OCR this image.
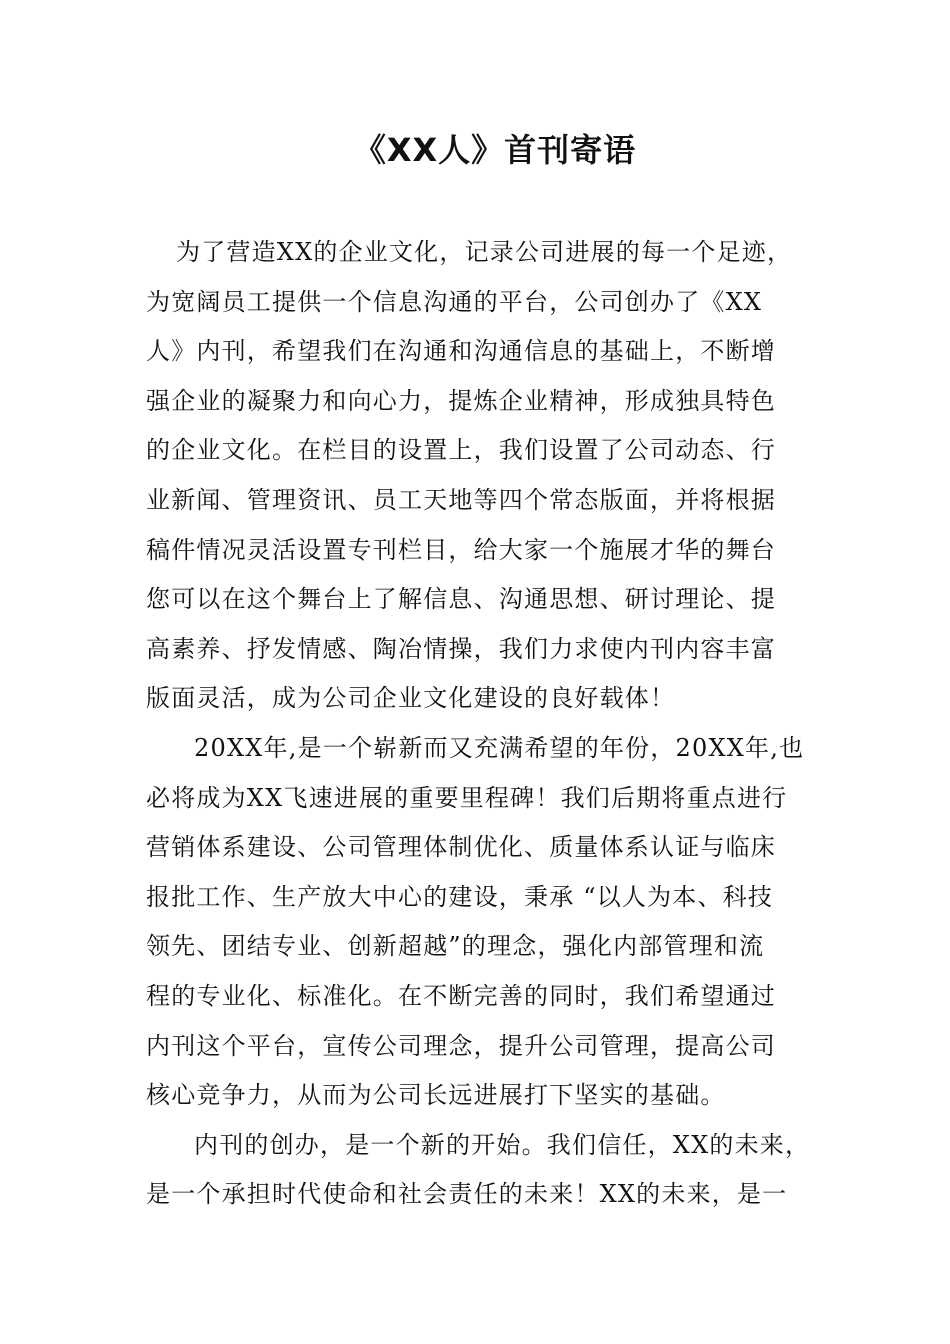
《XX人》首刊寄语
为了营造XX的企业文化，记录公司进展的每一个足迹，
为宽阔员工提供一个信息沟通的平台，公司创办了《XX
人》内刊，希望我们在沟通和沟通信息的基础上，不断增
强企业的凝聚力和向心力，提炼企业精神，形成独具特色
的企业文化。在栏目的设置上，我们设置了公司动态、行
业新闻、管理资讯、员工天地等四个常态版面，并将根据
稿件情况灵活设置专刊栏目，给大家一个施展才华的舞台
您可以在这个舞台上了解信息、沟通思想、研讨理论、提
高素养、抒发情感、陶冶情操，我们力求使内刊内容丰富
版面灵活，成为公司企业文化建设的良好载体！
20XX年,是一个崭新而又充满希望的年份，20XX年,也
必将成为XX飞速进展的重要里程碑！我们后期将重点进行
营销体系建设、公司管理体制优化、质量体系认证与临床
报批工作、生产放大中心的建设，秉承 “以人为本、科技
领先、团结专业、创新超越”的理念，强化内部管理和流
程的专业化、标准化。在不断完善的同时，我们希望通过
内刊这个平台，宣传公司理念，提升公司管理，提高公司
核心竞争力，从而为公司长远进展打下坚实的基础。
内刊的创办，是一个新的开始。我们信任，XX的未来，
是一个承担时代使命和社会责任的未来！XX的未来，是一
